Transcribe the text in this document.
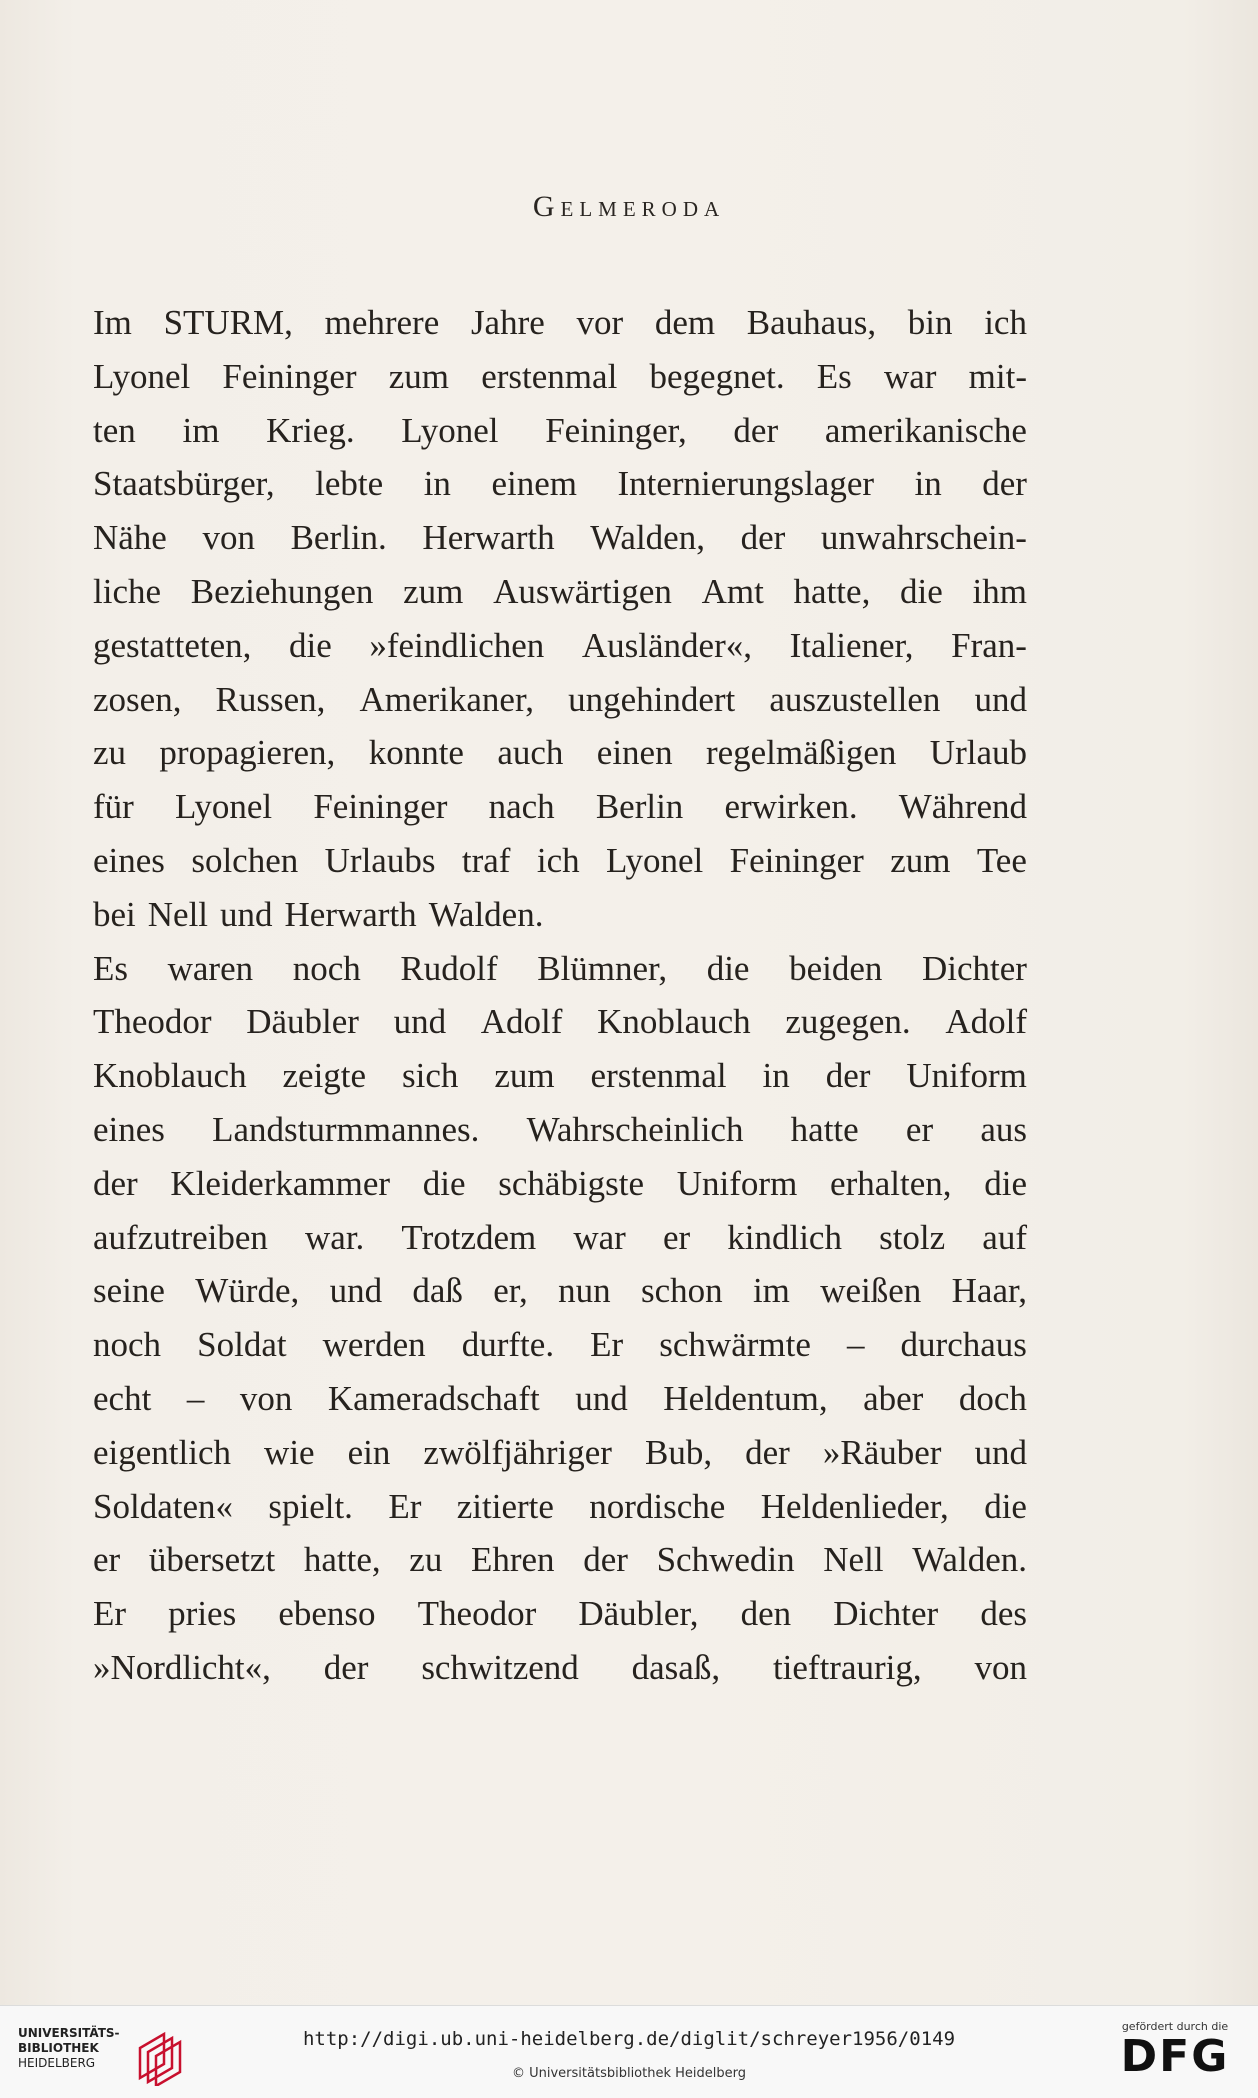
Gelmeroda
Im STURM, mehrere Jahre vor dem Bauhaus, bin ich
Lyonel Feininger zum erstenmal begegnet. Es war mit-
ten im Krieg. Lyonel Feininger, der amerikanische
Staatsbürger, lebte in einem Internierungslager in der
Nähe von Berlin. Herwarth Walden, der unwahrschein-
liche Beziehungen zum Auswärtigen Amt hatte, die ihm
gestatteten, die »feindlichen Ausländer«, Italiener, Fran-
zosen, Russen, Amerikaner, ungehindert auszustellen und
zu propagieren, konnte auch einen regelmäßigen Urlaub
für Lyonel Feininger nach Berlin erwirken. Während
eines solchen Urlaubs traf ich Lyonel Feininger zum Tee
bei Nell und Herwarth Walden.
Es waren noch Rudolf Blümner, die beiden Dichter
Theodor Däubler und Adolf Knoblauch zugegen. Adolf
Knoblauch zeigte sich zum erstenmal in der Uniform
eines Landsturmmannes. Wahrscheinlich hatte er aus
der Kleiderkammer die schäbigste Uniform erhalten, die
aufzutreiben war. Trotzdem war er kindlich stolz auf
seine Würde, und daß er, nun schon im weißen Haar,
noch Soldat werden durfte. Er schwärmte – durchaus
echt – von Kameradschaft und Heldentum, aber doch
eigentlich wie ein zwölfjähriger Bub, der »Räuber und
Soldaten« spielt. Er zitierte nordische Heldenlieder, die
er übersetzt hatte, zu Ehren der Schwedin Nell Walden.
Er pries ebenso Theodor Däubler, den Dichter des
»Nordlicht«, der schwitzend dasaß, tieftraurig, von
UNIVERSITÄTS-
BIBLIOTHEK
HEIDELBERG
http://digi.ub.uni-heidelberg.de/diglit/schreyer1956/0149
© Universitätsbibliothek Heidelberg
gefördert durch die
DFG
